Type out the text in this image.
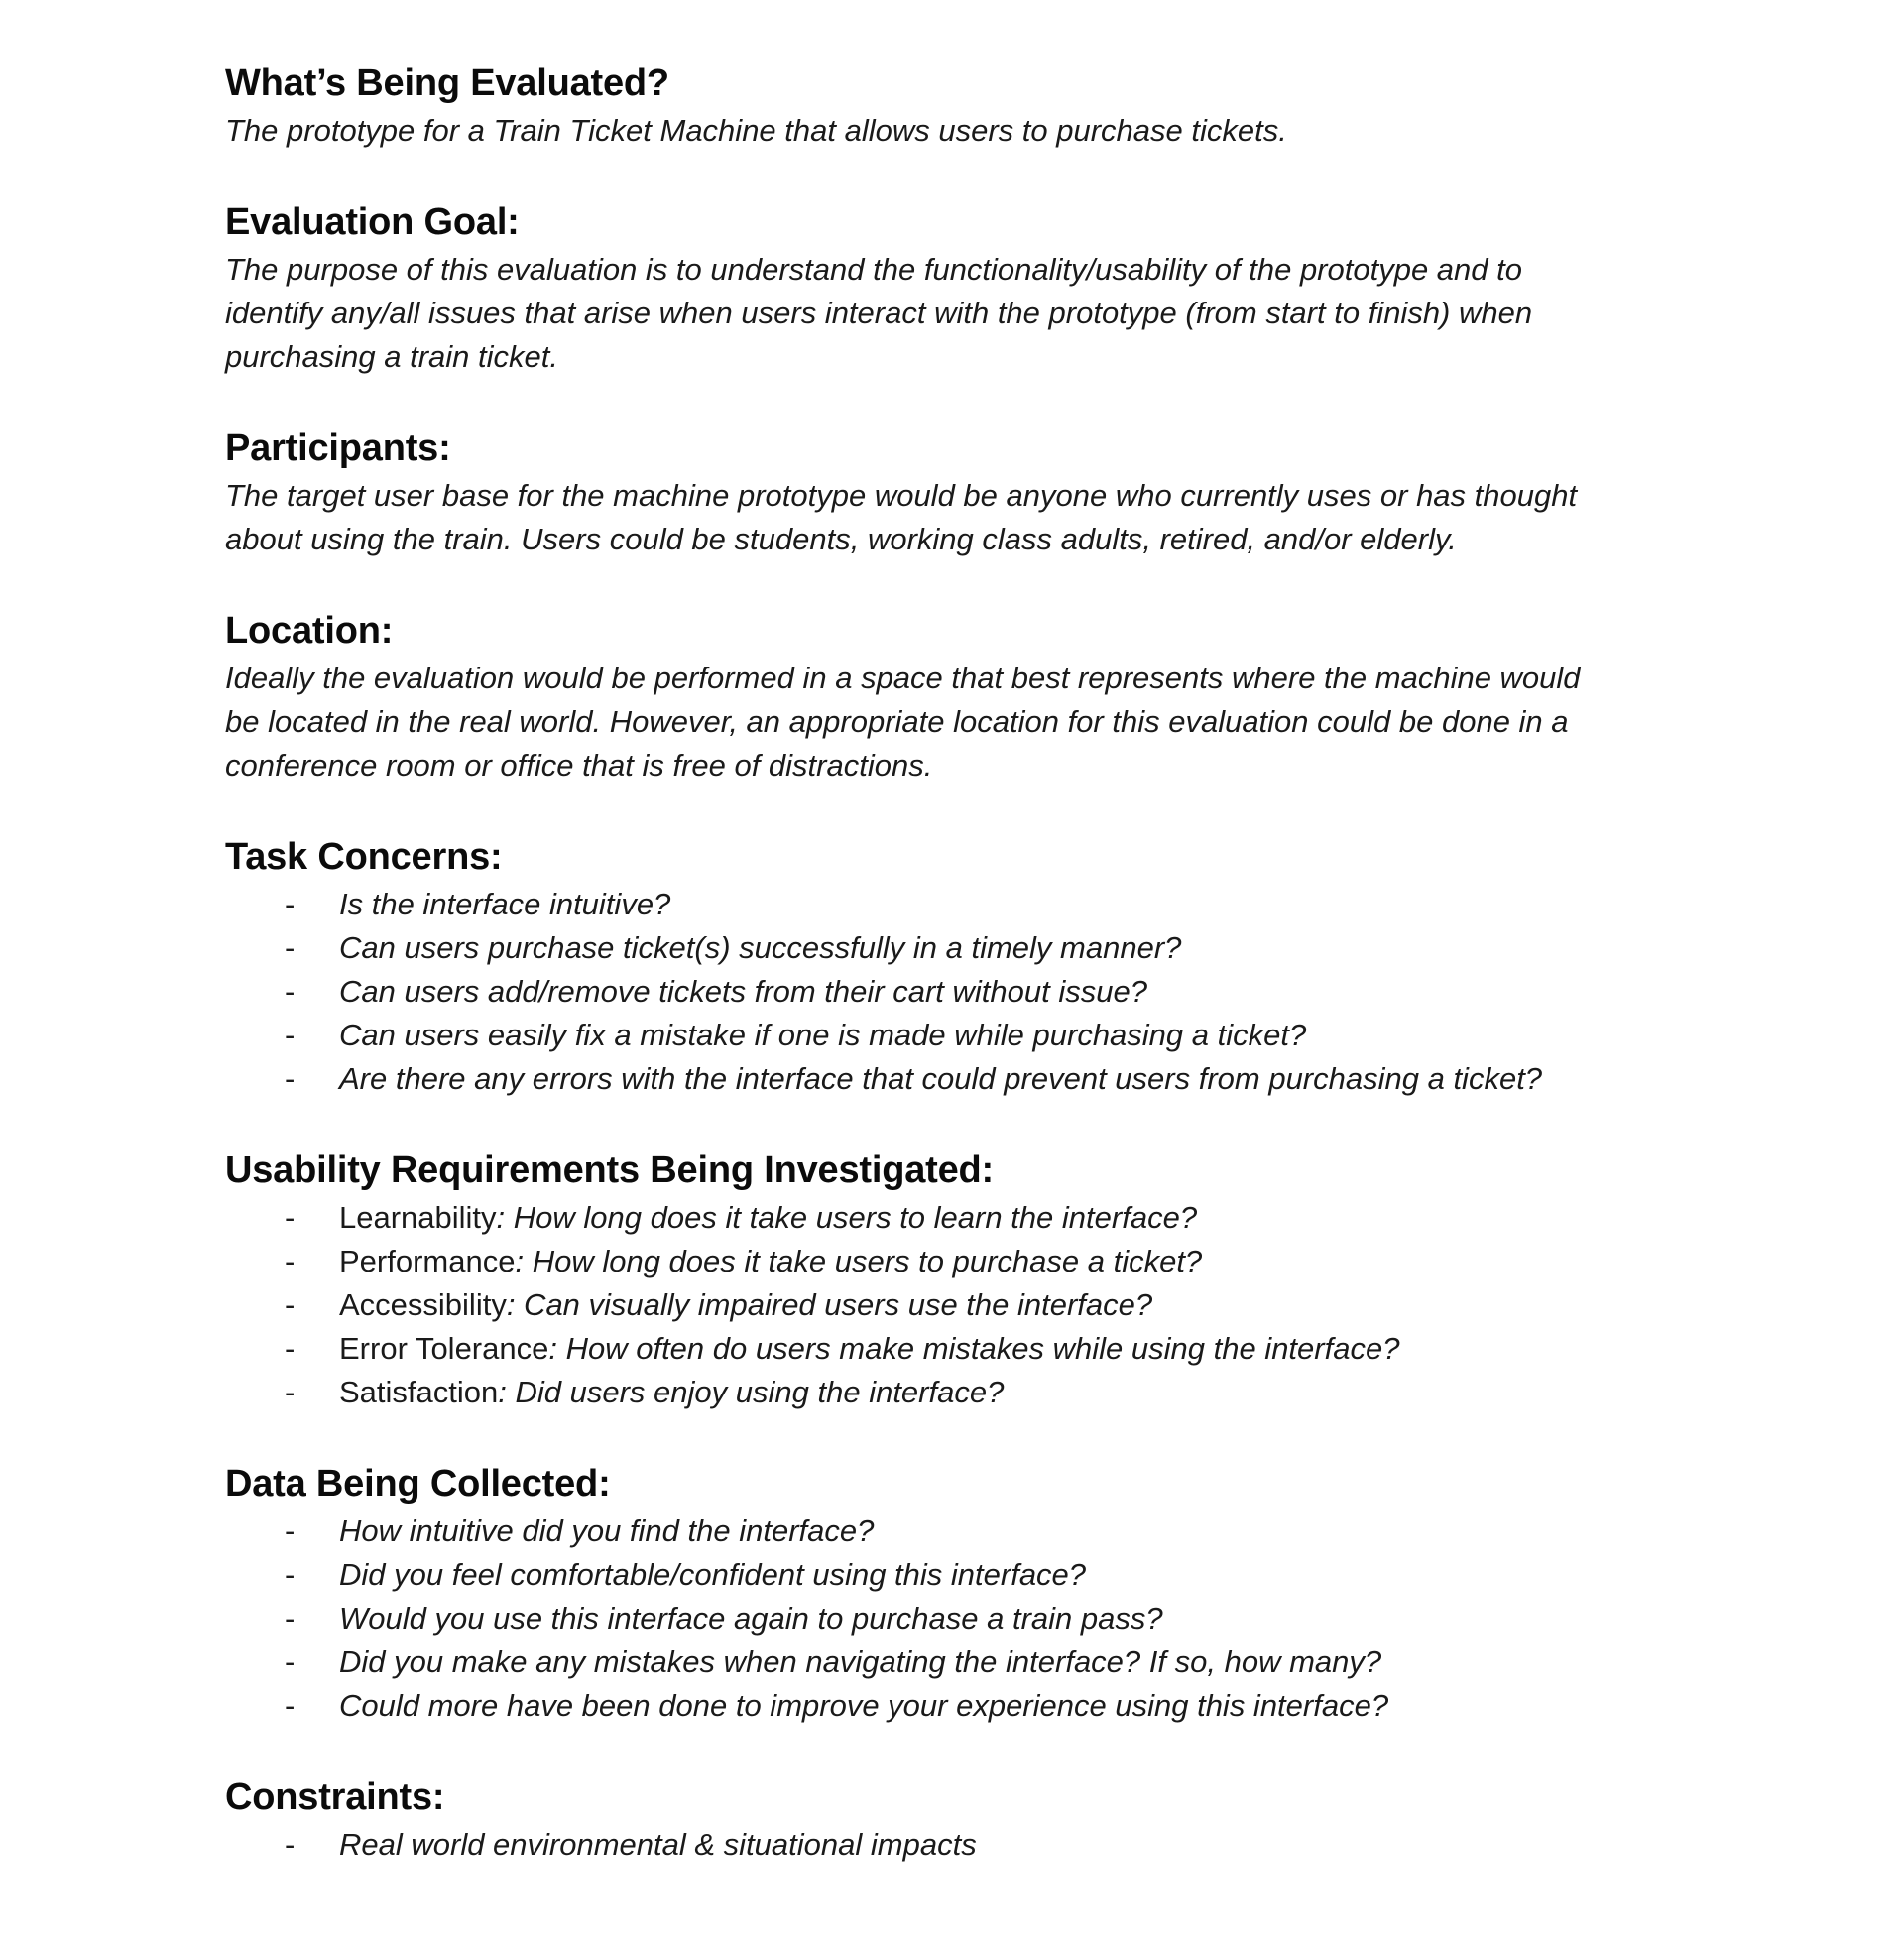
What’s Being Evaluated?

The prototype for a Train Ticket Machine that allows users to purchase tickets.

Evaluation Goal:

The purpose of this evaluation is to understand the functionality/usability of the prototype and to

identify any/all issues that arise when users interact with the prototype (from start to finish) when

purchasing a train ticket.

Participants:

The target user base for the machine prototype would be anyone who currently uses or has thought

about using the train. Users could be students, working class adults, retired, and/or elderly.

Location:

Ideally the evaluation would be performed in a space that best represents where the machine would

be located in the real world. However, an appropriate location for this evaluation could be done in a

conference room or office that is free of distractions.

Task Concerns:
- Is the interface intuitive?
- Can users purchase ticket(s) successfully in a timely manner?
- Can users add/remove tickets from their cart without issue?
- Can users easily fix a mistake if one is made while purchasing a ticket?
- Are there any errors with the interface that could prevent users from purchasing a ticket?
Usability Requirements Being Investigated:
- Learnability: How long does it take users to learn the interface?
- Performance: How long does it take users to purchase a ticket?
- Accessibility: Can visually impaired users use the interface?
- Error Tolerance: How often do users make mistakes while using the interface?
- Satisfaction: Did users enjoy using the interface?
Data Being Collected:
- How intuitive did you find the interface?
- Did you feel comfortable/confident using this interface?
- Would you use this interface again to purchase a train pass?
- Did you make any mistakes when navigating the interface? If so, how many?
- Could more have been done to improve your experience using this interface?
Constraints:
- Real world environmental & situational impacts
